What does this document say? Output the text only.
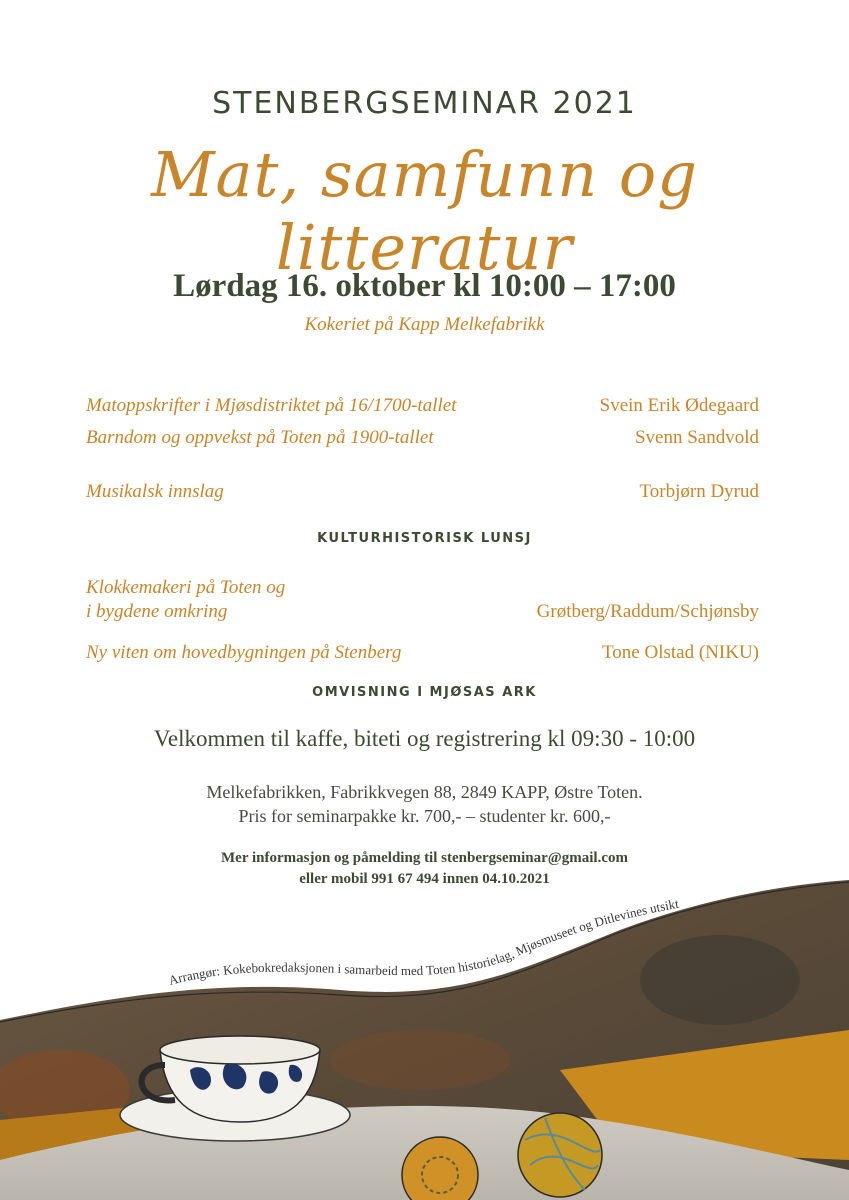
STENBERGSEMINAR 2021
Mat, samfunn og litteratur
Lørdag 16. oktober kl 10:00 – 17:00
Kokeriet på Kapp Melkefabrikk
Matoppskrifter i Mjøsdistriktet på 16/1700-tallet	Svein Erik Ødegaard
Barndom og oppvekst på Toten på 1900-tallet	Svenn Sandvold
Musikalsk innslag	Torbjørn Dyrud
KULTURHISTORISK LUNSJ
Klokkemakeri på Toten og
i bygdene omkring	Grøtberg/Raddum/Schjønsby
Ny viten om hovedbygningen på Stenberg	Tone Olstad (NIKU)
OMVISNING I MJØSAS ARK
Velkommen til kaffe, biteti og registrering kl 09:30 - 10:00
Melkefabrikken, Fabrikkvegen 88, 2849 KAPP, Østre Toten.
Pris for seminarpakke kr. 700,- – studenter kr. 600,-
Mer informasjon og påmelding til stenbergseminar@gmail.com
eller mobil 991 67 494 innen 04.10.2021
Arrangør: Kokebokredaksjonen i samarbeid med Toten historielag, Mjøsmuseet og Ditlevines utsikt
